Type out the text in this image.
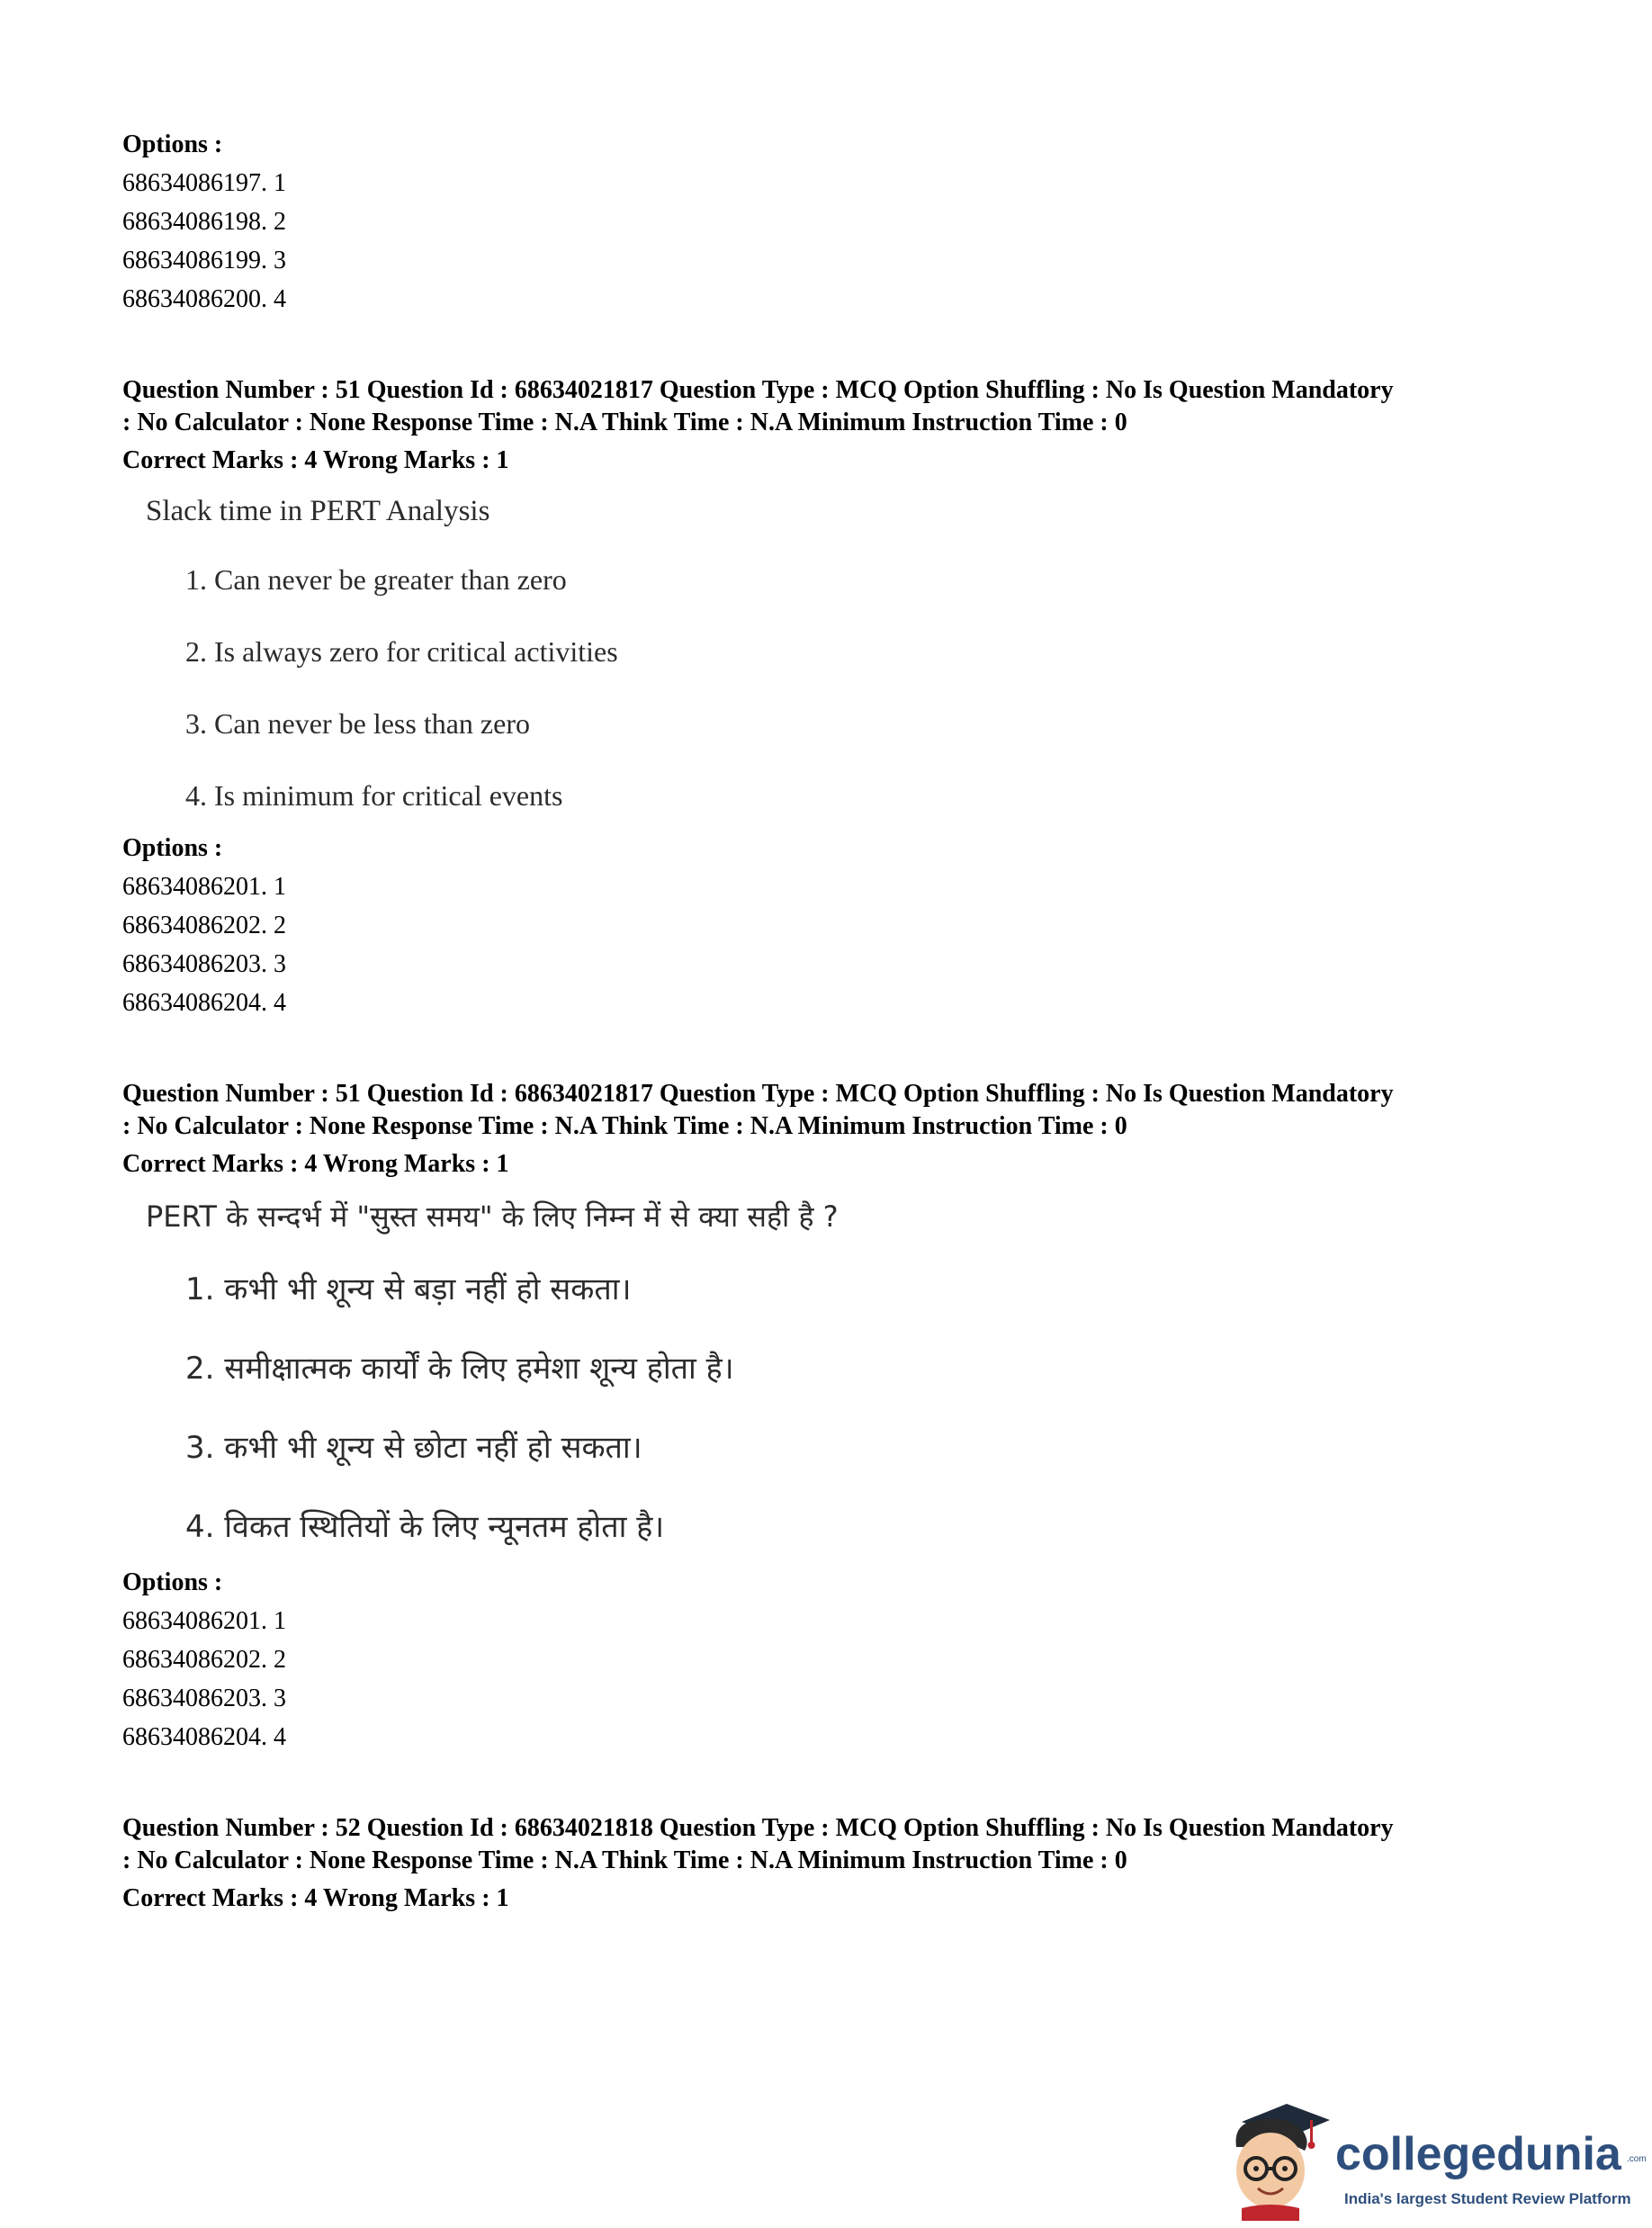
Options :
68634086197. 1
68634086198. 2
68634086199. 3
68634086200. 4
Question Number : 51 Question Id : 68634021817 Question Type : MCQ Option Shuffling : No Is Question Mandatory
: No Calculator : None Response Time : N.A Think Time : N.A Minimum Instruction Time : 0
Correct Marks : 4 Wrong Marks : 1
Slack time in PERT Analysis
1. Can never be greater than zero
2. Is always zero for critical activities
3. Can never be less than zero
4. Is minimum for critical events
Options :
68634086201. 1
68634086202. 2
68634086203. 3
68634086204. 4
Question Number : 51 Question Id : 68634021817 Question Type : MCQ Option Shuffling : No Is Question Mandatory
: No Calculator : None Response Time : N.A Think Time : N.A Minimum Instruction Time : 0
Correct Marks : 4 Wrong Marks : 1
PERT के सन्दर्भ में "सुस्त समय" के लिए निम्न में से क्या सही है ?
1. कभी भी शून्य से बड़ा नहीं हो सकता।
2. समीक्षात्मक कार्यों के लिए हमेशा शून्य होता है।
3. कभी भी शून्य से छोटा नहीं हो सकता।
4. विकत स्थितियों के लिए न्यूनतम होता है।
Options :
68634086201. 1
68634086202. 2
68634086203. 3
68634086204. 4
Question Number : 52 Question Id : 68634021818 Question Type : MCQ Option Shuffling : No Is Question Mandatory
: No Calculator : None Response Time : N.A Think Time : N.A Minimum Instruction Time : 0
Correct Marks : 4 Wrong Marks : 1
collegedunia .com
India's largest Student Review Platform
